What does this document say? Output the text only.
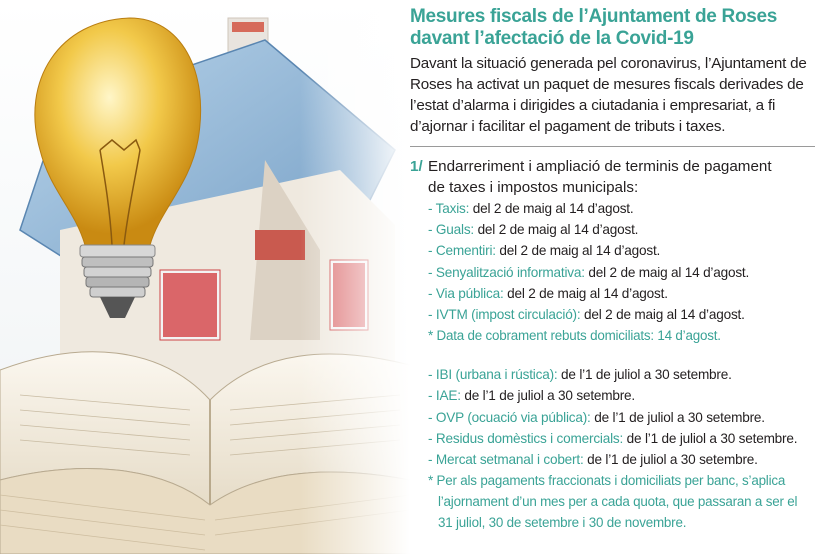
Mesures fiscals de l’Ajuntament de Roses
davant l’afectació de la Covid-19
Davant la situació generada pel coronavirus, l’Ajuntament de Roses ha activat un paquet de mesures fiscals derivades de l’estat d’alarma i dirigides a ciutadania i empresariat, a fi d’ajornar i facilitar el pagament de tributs i taxes.
1/ Endarreriment i ampliació de terminis de pagament
de taxes i impostos municipals:
- Taxis: del 2 de maig al 14 d’agost.
- Guals: del 2 de maig al 14 d’agost.
- Cementiri: del 2 de maig al 14 d’agost.
- Senyalització informativa: del 2 de maig al 14 d’agost.
- Via pública: del 2 de maig al 14 d’agost.
- IVTM (impost circulació): del 2 de maig al 14 d’agost.
* Data de cobrament rebuts domiciliats: 14 d’agost.
- IBI (urbana i rústica): de l’1 de juliol a 30 setembre.
- IAE: de l’1 de juliol a 30 setembre.
- OVP (ocuació via pública): de l’1 de juliol a 30 setembre.
- Residus domèstics i comercials: de l’1 de juliol a 30 setembre.
- Mercat setmanal i cobert: de l’1 de juliol a 30 setembre.
* Per als pagaments fraccionats i domiciliats per banc, s’aplica
l’ajornament d’un mes per a cada quota, que passaran a ser el
31 juliol, 30 de setembre i 30 de novembre.
